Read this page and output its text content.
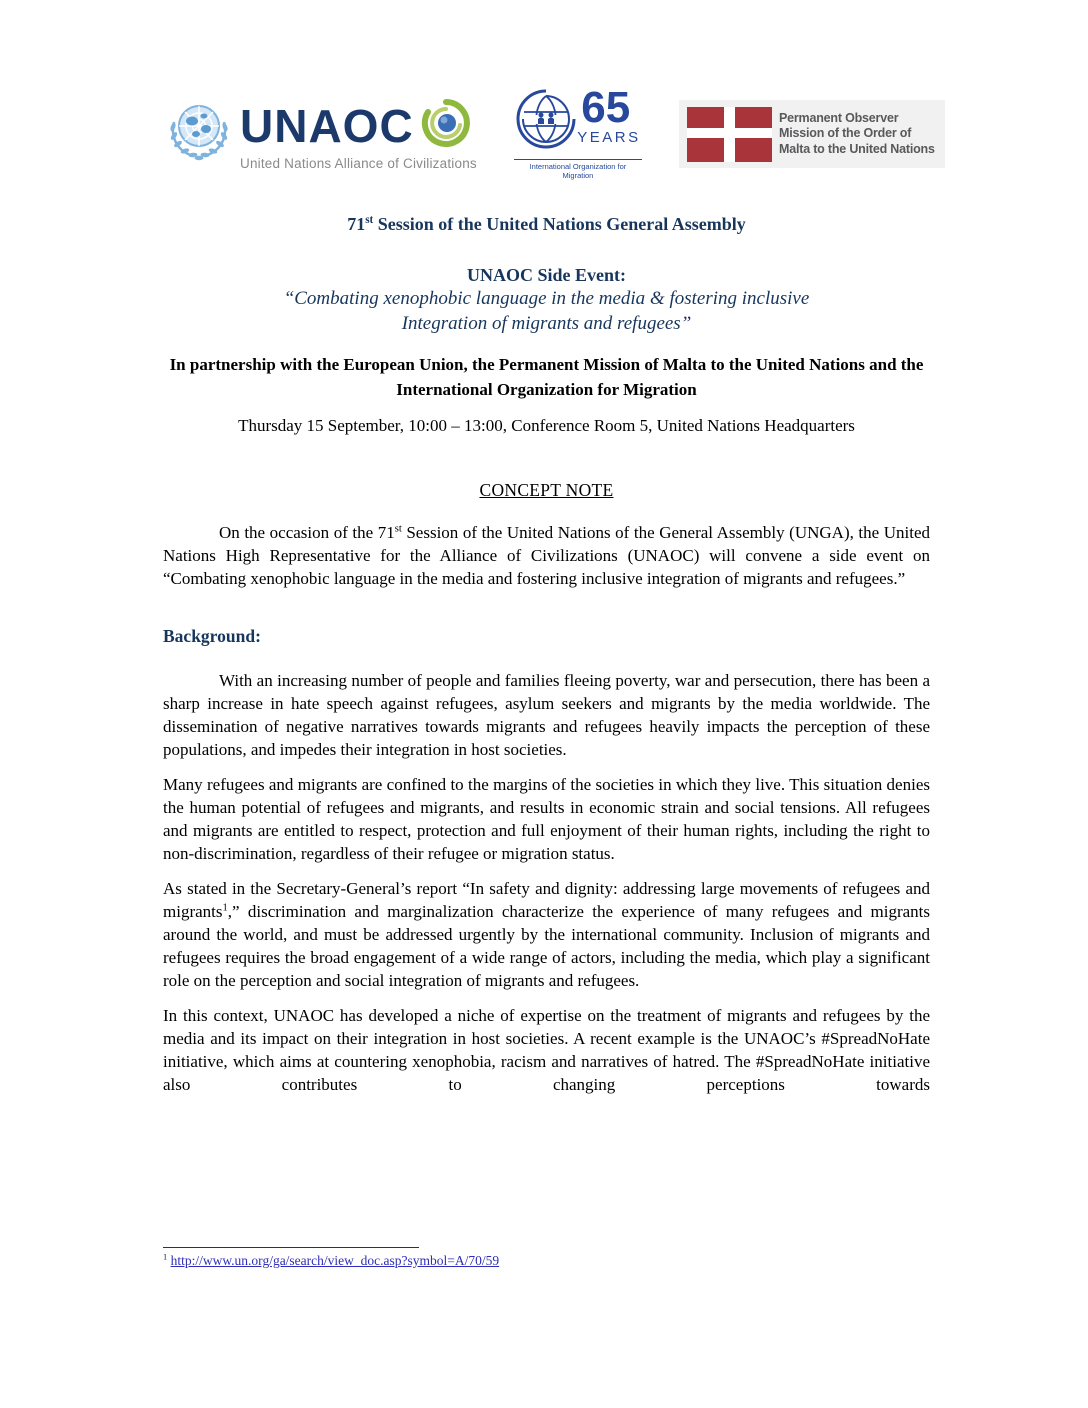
UNAOC
United Nations Alliance of Civilizations
65
YEARS
International Organization for Migration
Permanent Observer Mission of the Order of Malta to the United Nations
71st Session of the United Nations General Assembly
UNAOC Side Event:
“Combating xenophobic language in the media & fostering inclusive
Integration of migrants and refugees”
In partnership with the European Union, the Permanent Mission of Malta to the United Nations and the International Organization for Migration
Thursday 15 September, 10:00 – 13:00, Conference Room 5, United Nations Headquarters
CONCEPT NOTE

On the occasion of the 71st Session of the United Nations of the General Assembly (UNGA), the United Nations High Representative for the Alliance of Civilizations (UNAOC) will convene a side event on “Combating xenophobic language in the media and fostering inclusive integration of migrants and refugees.”

Background:

With an increasing number of people and families fleeing poverty, war and persecution, there has been a sharp increase in hate speech against refugees, asylum seekers and migrants by the media worldwide. The dissemination of negative narratives towards migrants and refugees heavily impacts the perception of these populations, and impedes their integration in host societies.

Many refugees and migrants are confined to the margins of the societies in which they live. This situation denies the human potential of refugees and migrants, and results in economic strain and social tensions. All refugees and migrants are entitled to respect, protection and full enjoyment of their human rights, including the right to non-discrimination, regardless of their refugee or migration status.

As stated in the Secretary-General’s report “In safety and dignity: addressing large movements of refugees and migrants$^1$,” discrimination and marginalization characterize the experience of many refugees and migrants around the world, and must be addressed urgently by the international community. Inclusion of migrants and refugees requires the broad engagement of a wide range of actors, including the media, which play a significant role on the perception and social integration of migrants and refugees.

In this context, UNAOC has developed a niche of expertise on the treatment of migrants and refugees by the media and its impact on their integration in host societies. A recent example is the UNAOC’s #SpreadNoHate initiative, which aims at countering xenophobia, racism and narratives of hatred. The #SpreadNoHate initiative also contributes to changing perceptions towards

$^1$ http://www.un.org/ga/search/view_doc.asp?symbol=A/70/59
